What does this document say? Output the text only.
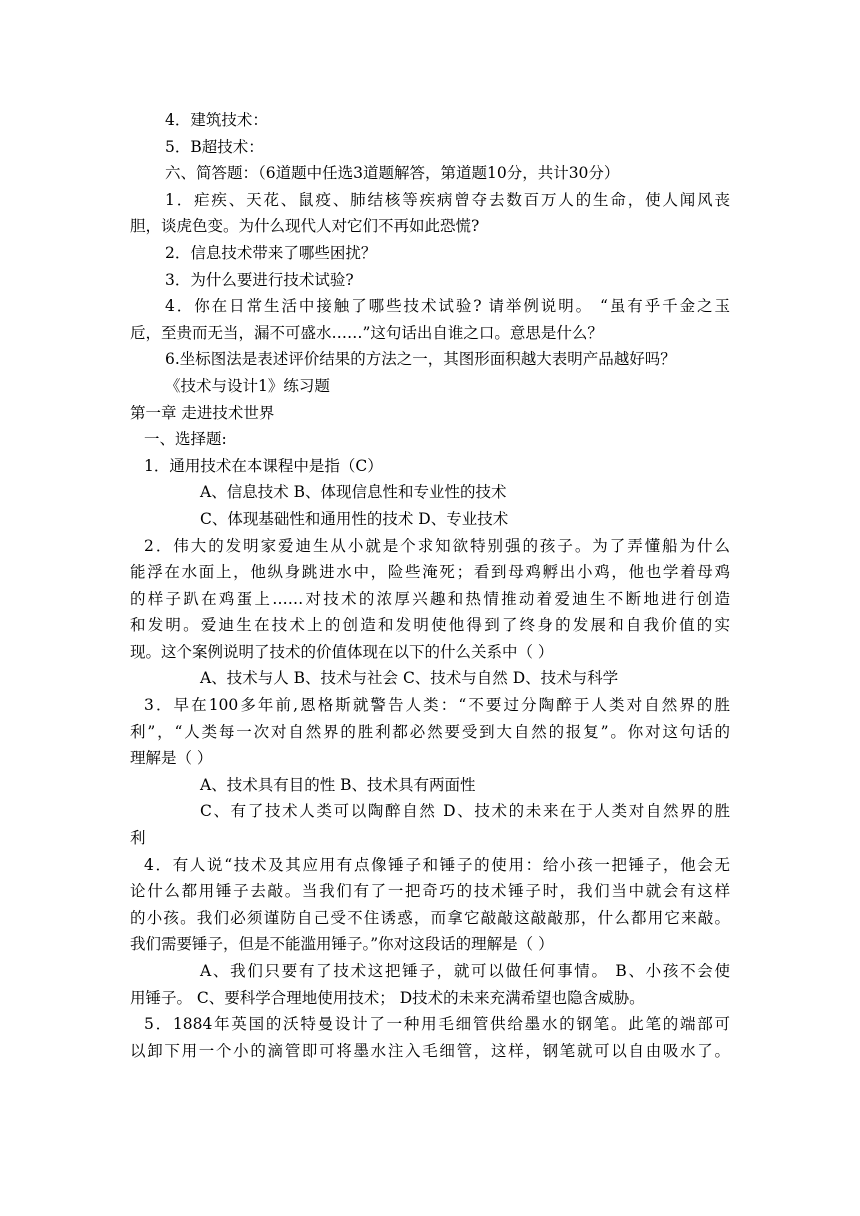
4．建筑技术：

5．B超技术：

六、简答题：（6道题中任选3道题解答，第道题10分，共计30分）

1．疟疾、天花、鼠疫、肺结核等疾病曾夺去数百万人的生命，使人闻风丧

胆，谈虎色变。为什么现代人对它们不再如此恐慌?

2．信息技术带来了哪些困扰？

3．为什么要进行技术试验?

4．你在日常生活中接触了哪些技术试验? 请举例说明。 “虽有乎千金之玉

卮，至贵而无当，漏不可盛水……”这句话出自谁之口。意思是什么？

6.坐标图法是表述评价结果的方法之一，其图形面积越大表明产品越好吗？

《技术与设计1》练习题

第一章 走进技术世界

一、选择题:

1．通用技术在本课程中是指（C）

A、信息技术 B、体现信息性和专业性的技术

C、体现基础性和通用性的技术 D、专业技术

2．伟大的发明家爱迪生从小就是个求知欲特别强的孩子。为了弄懂船为什么

能浮在水面上，他纵身跳进水中，险些淹死；看到母鸡孵出小鸡，他也学着母鸡

的样子趴在鸡蛋上……对技术的浓厚兴趣和热情推动着爱迪生不断地进行创造

和发明。爱迪生在技术上的创造和发明使他得到了终身的发展和自我价值的实

现。这个案例说明了技术的价值体现在以下的什么关系中（ ）

A、技术与人 B、技术与社会 C、技术与自然 D、技术与科学

3．早在100多年前,恩格斯就警告人类：“不要过分陶醉于人类对自然界的胜

利”，“人类每一次对自然界的胜利都必然要受到大自然的报复”。你对这句话的

理解是（ ）

A、技术具有目的性 B、技术具有两面性

C、有了技术人类可以陶醉自然 D、技术的未来在于人类对自然界的胜

利

4．有人说“技术及其应用有点像锤子和锤子的使用：给小孩一把锤子，他会无

论什么都用锤子去敲。当我们有了一把奇巧的技术锤子时，我们当中就会有这样

的小孩。我们必须谨防自己受不住诱惑，而拿它敲敲这敲敲那，什么都用它来敲。

我们需要锤子，但是不能滥用锤子。”你对这段话的理解是（ ）

A、我们只要有了技术这把锤子，就可以做任何事情。 B、小孩不会使

用锤子。 C、要科学合理地使用技术； D技术的未来充满希望也隐含威胁。

5．1884年英国的沃特曼设计了一种用毛细管供给墨水的钢笔。此笔的端部可

以卸下用一个小的滴管即可将墨水注入毛细管，这样，钢笔就可以自由吸水了。
